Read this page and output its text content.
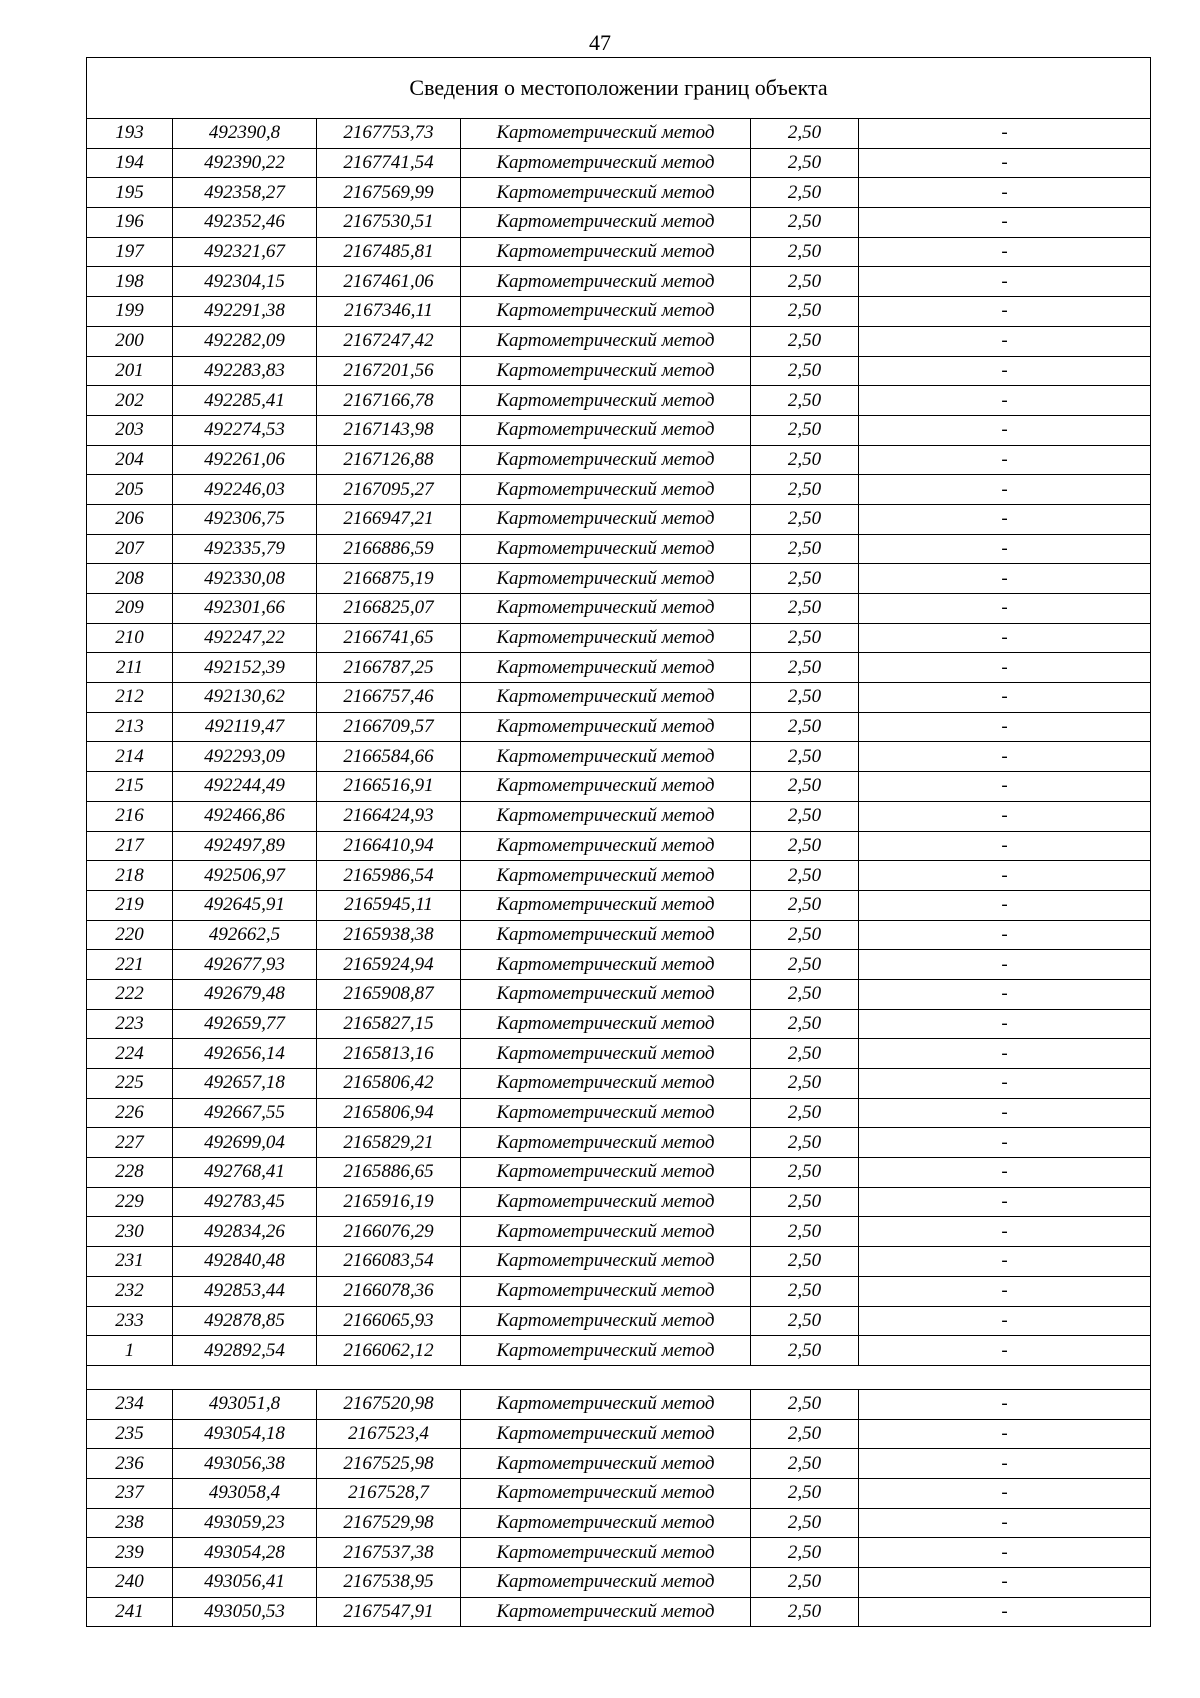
47
Сведения о местоположении границ объекта					
193	492390,8	2167753,73	Картометрический метод	2,50	-
194	492390,22	2167741,54	Картометрический метод	2,50	-
195	492358,27	2167569,99	Картометрический метод	2,50	-
196	492352,46	2167530,51	Картометрический метод	2,50	-
197	492321,67	2167485,81	Картометрический метод	2,50	-
198	492304,15	2167461,06	Картометрический метод	2,50	-
199	492291,38	2167346,11	Картометрический метод	2,50	-
200	492282,09	2167247,42	Картометрический метод	2,50	-
201	492283,83	2167201,56	Картометрический метод	2,50	-
202	492285,41	2167166,78	Картометрический метод	2,50	-
203	492274,53	2167143,98	Картометрический метод	2,50	-
204	492261,06	2167126,88	Картометрический метод	2,50	-
205	492246,03	2167095,27	Картометрический метод	2,50	-
206	492306,75	2166947,21	Картометрический метод	2,50	-
207	492335,79	2166886,59	Картометрический метод	2,50	-
208	492330,08	2166875,19	Картометрический метод	2,50	-
209	492301,66	2166825,07	Картометрический метод	2,50	-
210	492247,22	2166741,65	Картометрический метод	2,50	-
211	492152,39	2166787,25	Картометрический метод	2,50	-
212	492130,62	2166757,46	Картометрический метод	2,50	-
213	492119,47	2166709,57	Картометрический метод	2,50	-
214	492293,09	2166584,66	Картометрический метод	2,50	-
215	492244,49	2166516,91	Картометрический метод	2,50	-
216	492466,86	2166424,93	Картометрический метод	2,50	-
217	492497,89	2166410,94	Картометрический метод	2,50	-
218	492506,97	2165986,54	Картометрический метод	2,50	-
219	492645,91	2165945,11	Картометрический метод	2,50	-
220	492662,5	2165938,38	Картометрический метод	2,50	-
221	492677,93	2165924,94	Картометрический метод	2,50	-
222	492679,48	2165908,87	Картометрический метод	2,50	-
223	492659,77	2165827,15	Картометрический метод	2,50	-
224	492656,14	2165813,16	Картометрический метод	2,50	-
225	492657,18	2165806,42	Картометрический метод	2,50	-
226	492667,55	2165806,94	Картометрический метод	2,50	-
227	492699,04	2165829,21	Картометрический метод	2,50	-
228	492768,41	2165886,65	Картометрический метод	2,50	-
229	492783,45	2165916,19	Картометрический метод	2,50	-
230	492834,26	2166076,29	Картометрический метод	2,50	-
231	492840,48	2166083,54	Картометрический метод	2,50	-
232	492853,44	2166078,36	Картометрический метод	2,50	-
233	492878,85	2166065,93	Картометрический метод	2,50	-
1	492892,54	2166062,12	Картометрический метод	2,50	-

234	493051,8	2167520,98	Картометрический метод	2,50	-
235	493054,18	2167523,4	Картометрический метод	2,50	-
236	493056,38	2167525,98	Картометрический метод	2,50	-
237	493058,4	2167528,7	Картометрический метод	2,50	-
238	493059,23	2167529,98	Картометрический метод	2,50	-
239	493054,28	2167537,38	Картометрический метод	2,50	-
240	493056,41	2167538,95	Картометрический метод	2,50	-
241	493050,53	2167547,91	Картометрический метод	2,50	-
